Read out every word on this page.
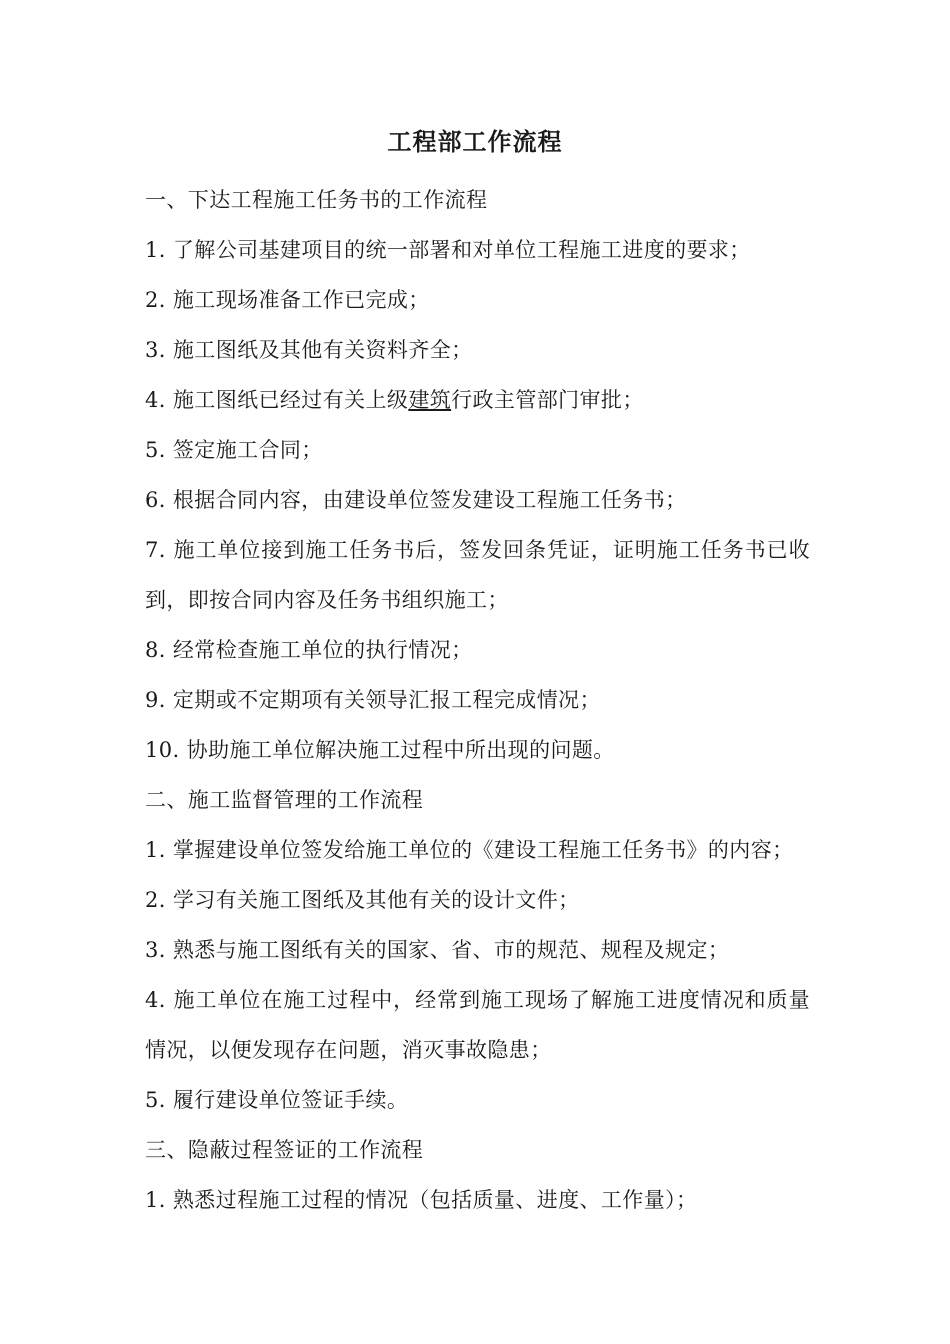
工程部工作流程
一、下达工程施工任务书的工作流程
1. 了解公司基建项目的统一部署和对单位工程施工进度的要求；
2. 施工现场准备工作已完成；
3. 施工图纸及其他有关资料齐全；
4. 施工图纸已经过有关上级建筑行政主管部门审批；
5. 签定施工合同；
6. 根据合同内容，由建设单位签发建设工程施工任务书；
7. 施工单位接到施工任务书后，签发回条凭证，证明施工任务书已收到，即按合同内容及任务书组织施工；
8. 经常检查施工单位的执行情况；
9. 定期或不定期项有关领导汇报工程完成情况；
10. 协助施工单位解决施工过程中所出现的问题。
二、施工监督管理的工作流程
1. 掌握建设单位签发给施工单位的《建设工程施工任务书》的内容；
2. 学习有关施工图纸及其他有关的设计文件；
3. 熟悉与施工图纸有关的国家、省、市的规范、规程及规定；
4. 施工单位在施工过程中，经常到施工现场了解施工进度情况和质量情况，以便发现存在问题，消灭事故隐患；
5. 履行建设单位签证手续。
三、隐蔽过程签证的工作流程
1. 熟悉过程施工过程的情况（包括质量、进度、工作量）；
